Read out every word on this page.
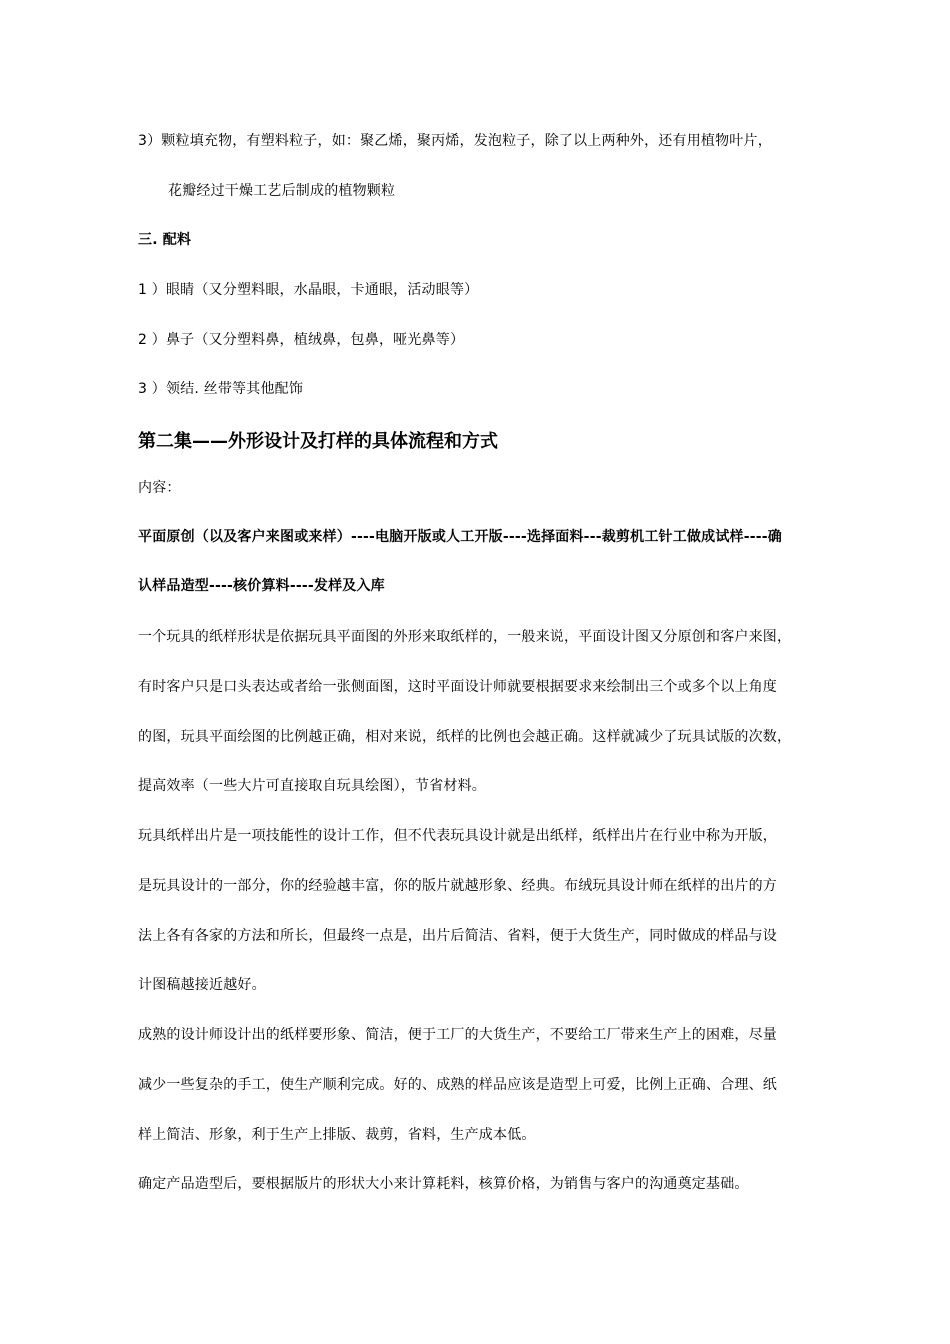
3）颗粒填充物，有塑料粒子，如：聚乙烯，聚丙烯，发泡粒子，除了以上两种外，还有用植物叶片，
花瓣经过干燥工艺后制成的植物颗粒
三. 配料
1 ）眼睛（又分塑料眼，水晶眼，卡通眼，活动眼等）
2 ）鼻子（又分塑料鼻，植绒鼻，包鼻，哑光鼻等）
3 ）领结. 丝带等其他配饰
第二集——外形设计及打样的具体流程和方式
内容：
平面原创（以及客户来图或来样）----电脑开版或人工开版----选择面料---裁剪机工针工做成试样----确
认样品造型----核价算料----发样及入库
一个玩具的纸样形状是依据玩具平面图的外形来取纸样的，一般来说，平面设计图又分原创和客户来图，
有时客户只是口头表达或者给一张侧面图，这时平面设计师就要根据要求来绘制出三个或多个以上角度
的图，玩具平面绘图的比例越正确，相对来说，纸样的比例也会越正确。这样就减少了玩具试版的次数，
提高效率（一些大片可直接取自玩具绘图），节省材料。
玩具纸样出片是一项技能性的设计工作，但不代表玩具设计就是出纸样，纸样出片在行业中称为开版，
是玩具设计的一部分，你的经验越丰富，你的版片就越形象、经典。布绒玩具设计师在纸样的出片的方
法上各有各家的方法和所长，但最终一点是，出片后简洁、省料，便于大货生产，同时做成的样品与设
计图稿越接近越好。
成熟的设计师设计出的纸样要形象、简洁，便于工厂的大货生产，不要给工厂带来生产上的困难，尽量
减少一些复杂的手工，使生产顺利完成。好的、成熟的样品应该是造型上可爱，比例上正确、合理、纸
样上简洁、形象，利于生产上排版、裁剪，省料，生产成本低。
确定产品造型后，要根据版片的形状大小来计算耗料，核算价格，为销售与客户的沟通奠定基础。
